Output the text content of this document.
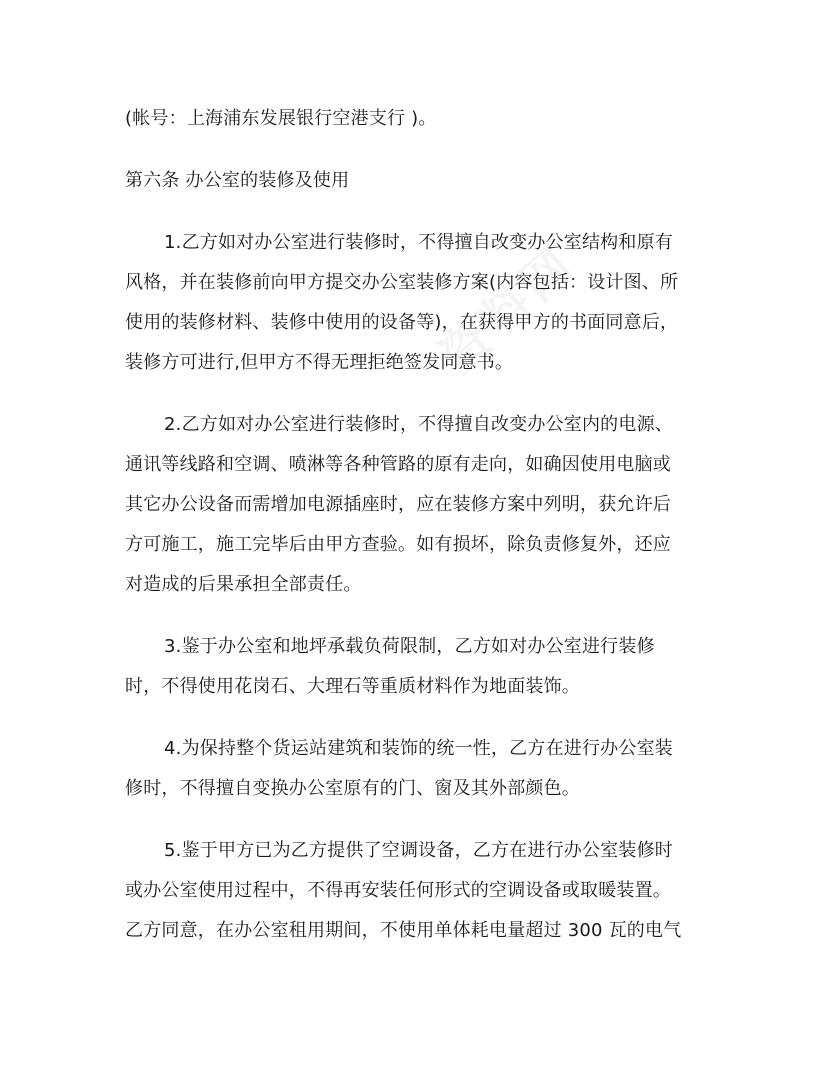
(帐号：上海浦东发展银行空港支行 )。
第六条 办公室的装修及使用
1.乙方如对办公室进行装修时，不得擅自改变办公室结构和原有
风格，并在装修前向甲方提交办公室装修方案(内容包括：设计图、所
使用的装修材料、装修中使用的设备等)，在获得甲方的书面同意后，
装修方可进行,但甲方不得无理拒绝签发同意书。
2.乙方如对办公室进行装修时，不得擅自改变办公室内的电源、
通讯等线路和空调、喷淋等各种管路的原有走向，如确因使用电脑或
其它办公设备而需增加电源插座时，应在装修方案中列明，获允许后
方可施工，施工完毕后由甲方查验。如有损坏，除负责修复外，还应
对造成的后果承担全部责任。
3.鉴于办公室和地坪承载负荷限制，乙方如对办公室进行装修
时，不得使用花岗石、大理石等重质材料作为地面装饰。
4.为保持整个货运站建筑和装饰的统一性，乙方在进行办公室装
修时，不得擅自变换办公室原有的门、窗及其外部颜色。
5.鉴于甲方已为乙方提供了空调设备，乙方在进行办公室装修时
或办公室使用过程中，不得再安装任何形式的空调设备或取暖装置。
乙方同意，在办公室租用期间，不使用单体耗电量超过 300 瓦的电气
